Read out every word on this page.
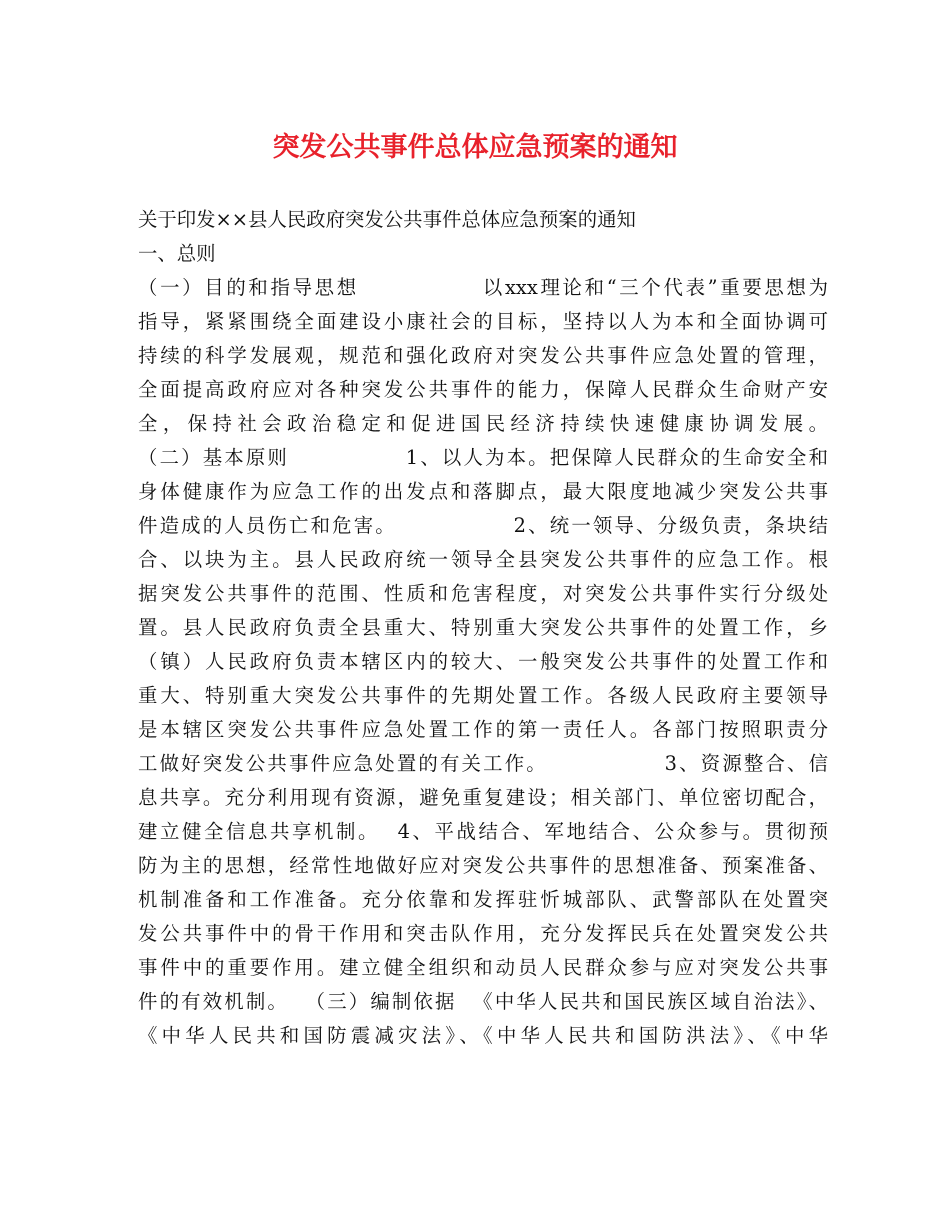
突发公共事件总体应急预案的通知
关于印发××县人民政府突发公共事件总体应急预案的通知
一、总则
（一）目的和指导思想              以xxx理论和“三个代表”重要思想为
指导，紧紧围绕全面建设小康社会的目标，坚持以人为本和全面协调可
持续的科学发展观，规范和强化政府对突发公共事件应急处置的管理，
全面提高政府应对各种突发公共事件的能力，保障人民群众生命财产安
全，保持社会政治稳定和促进国民经济持续快速健康协调发展。
（二）基本原则              1、以人为本。把保障人民群众的生命安全和
身体健康作为应急工作的出发点和落脚点，最大限度地减少突发公共事
件造成的人员伤亡和危害。              2、统一领导、分级负责，条块结
合、以块为主。县人民政府统一领导全县突发公共事件的应急工作。根
据突发公共事件的范围、性质和危害程度，对突发公共事件实行分级处
置。县人民政府负责全县重大、特别重大突发公共事件的处置工作，乡
（镇）人民政府负责本辖区内的较大、一般突发公共事件的处置工作和
重大、特别重大突发公共事件的先期处置工作。各级人民政府主要领导
是本辖区突发公共事件应急处置工作的第一责任人。各部门按照职责分
工做好突发公共事件应急处置的有关工作。              3、资源整合、信
息共享。充分利用现有资源，避免重复建设；相关部门、单位密切配合，
建立健全信息共享机制。  4、平战结合、军地结合、公众参与。贯彻预
防为主的思想，经常性地做好应对突发公共事件的思想准备、预案准备、
机制准备和工作准备。充分依靠和发挥驻忻城部队、武警部队在处置突
发公共事件中的骨干作用和突击队作用，充分发挥民兵在处置突发公共
事件中的重要作用。建立健全组织和动员人民群众参与应对突发公共事
件的有效机制。  （三）编制依据  《中华人民共和国民族区域自治法》、
《中华人民共和国防震减灾法》、《中华人民共和国防洪法》、《中华
